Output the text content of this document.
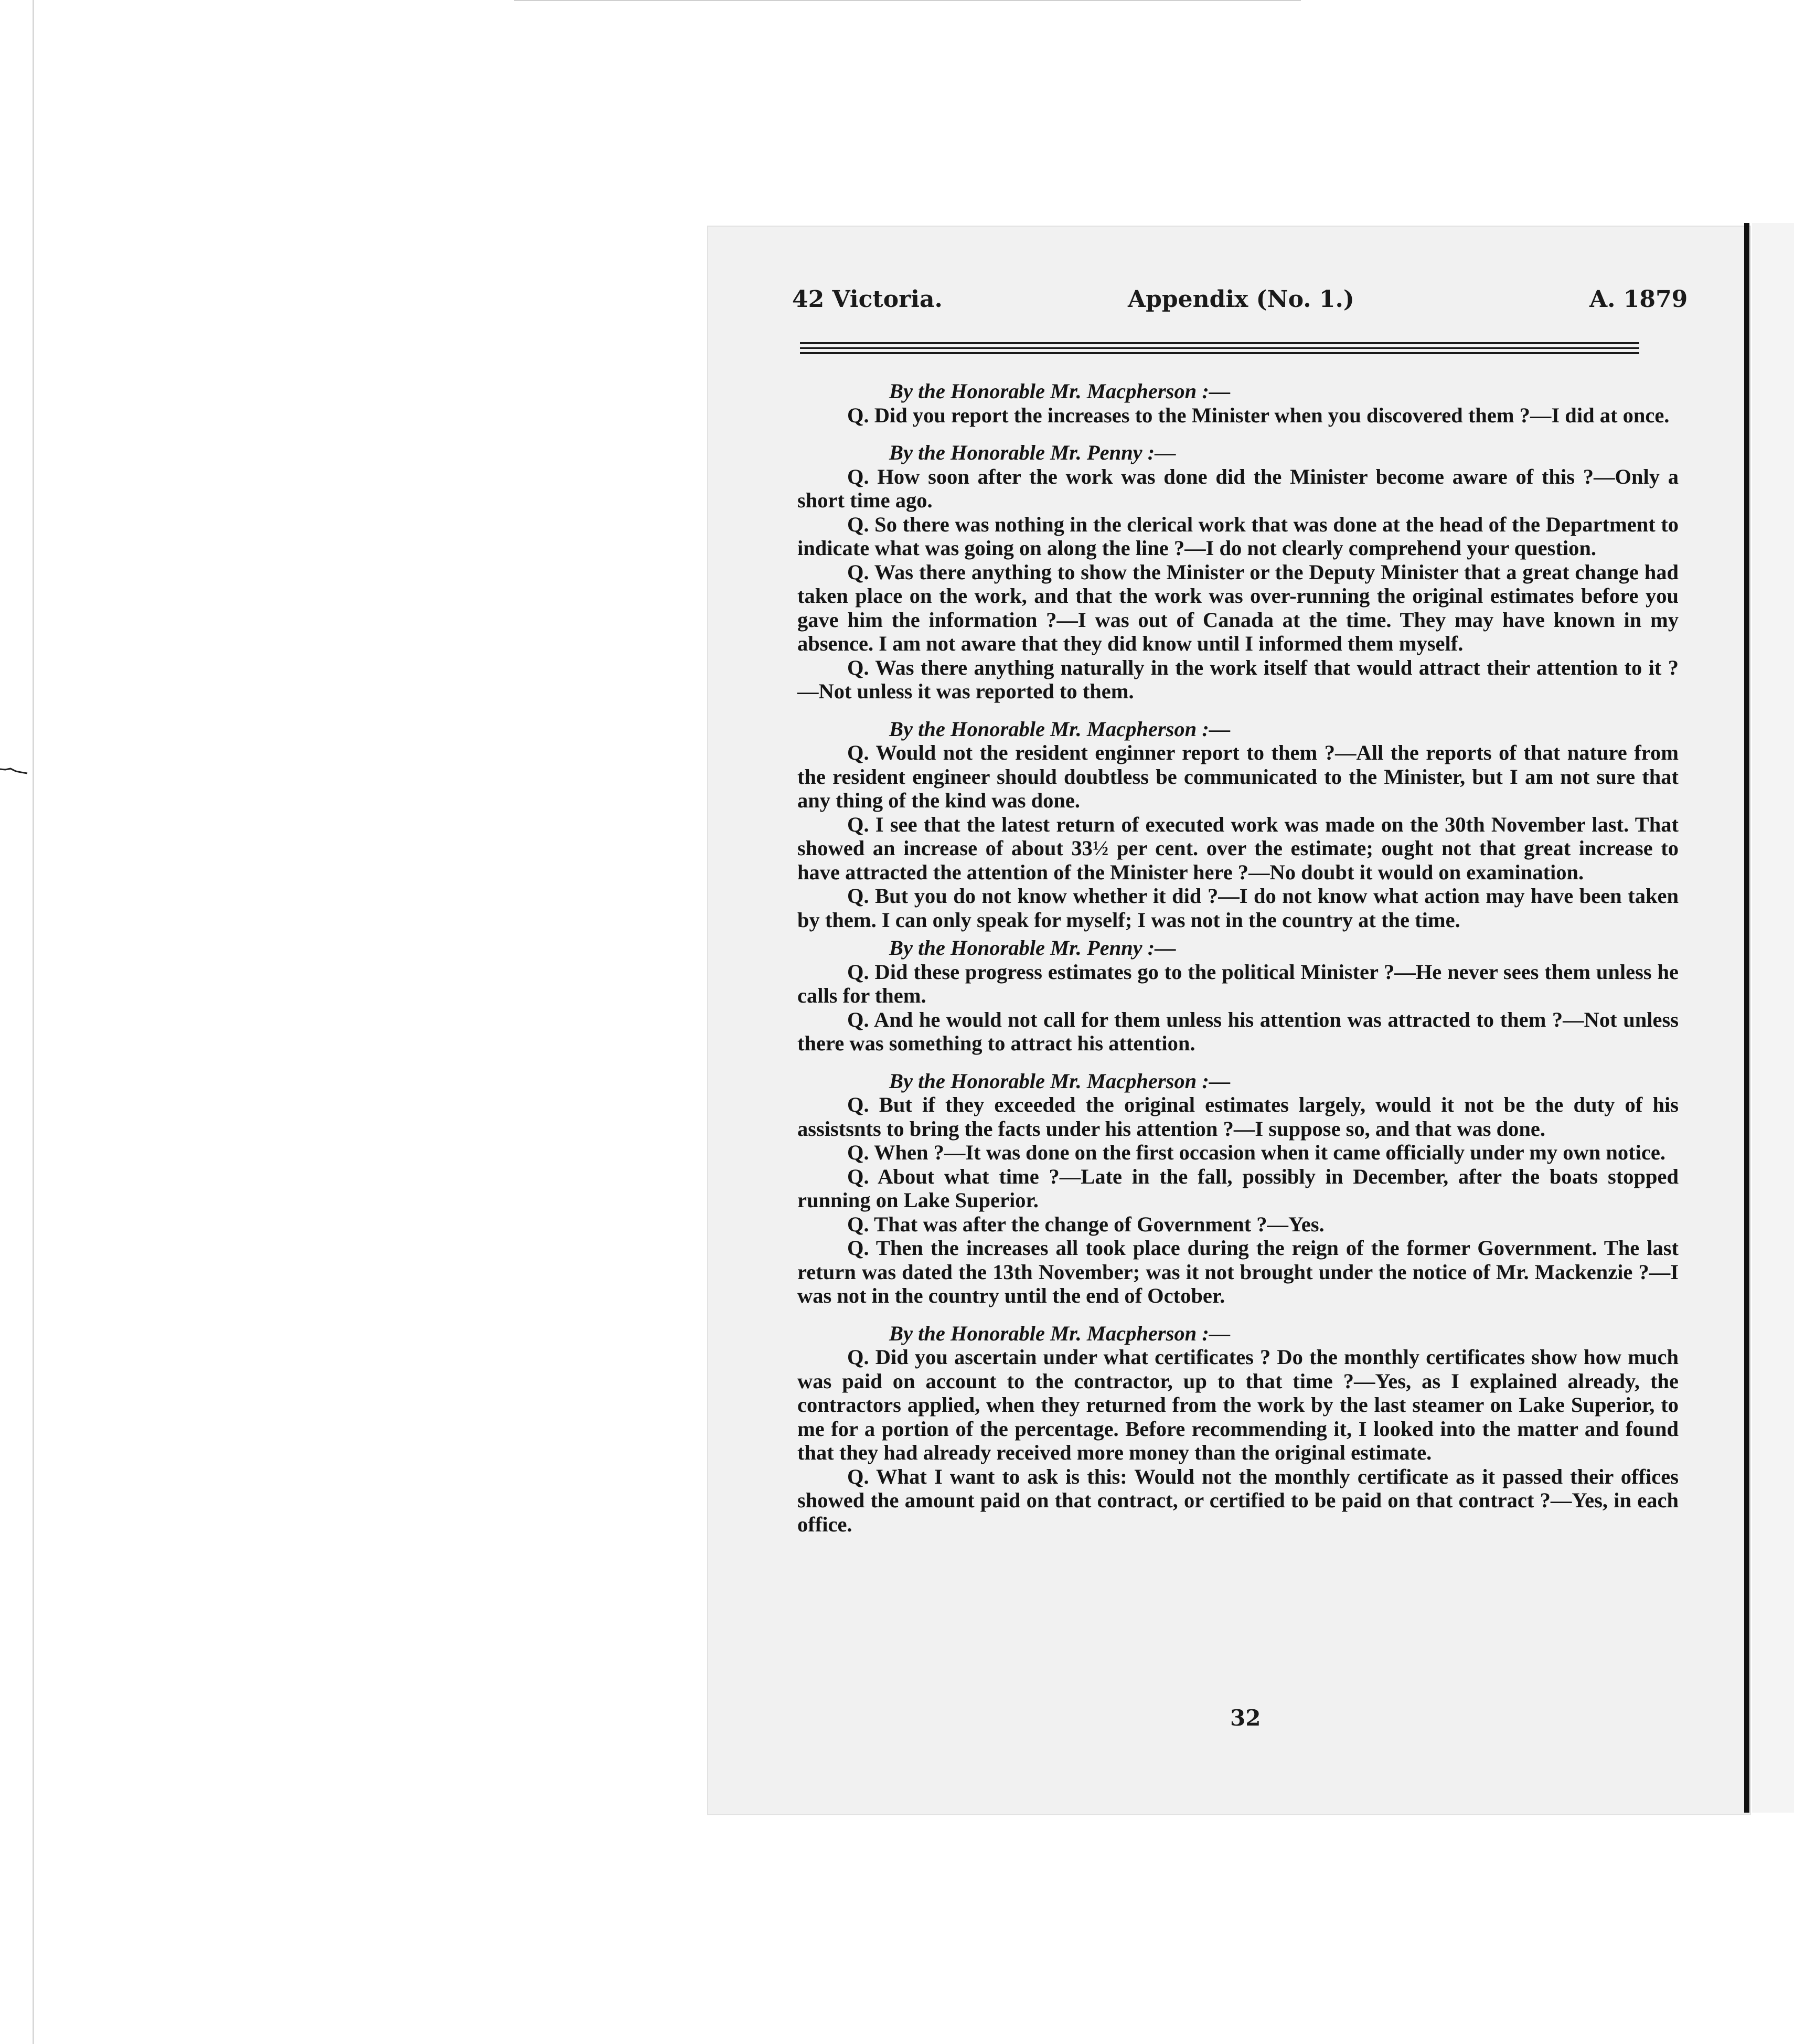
42 Victoria.	Appendix (No. 1.)	A. 1879
By the Honorable Mr. Macpherson :—

Q. Did you report the increases to the Minister when you discovered them ?—I did at once.

By the Honorable Mr. Penny :—

Q. How soon after the work was done did the Minister become aware of this ?—Only a short time ago.

Q. So there was nothing in the clerical work that was done at the head of the Department to indicate what was going on along the line ?—I do not clearly comprehend your question.

Q. Was there anything to show the Minister or the Deputy Minister that a great change had taken place on the work, and that the work was over-running the original estimates before you gave him the information ?—I was out of Canada at the time. They may have known in my absence. I am not aware that they did know until I informed them myself.

Q. Was there anything naturally in the work itself that would attract their attention to it ?—Not unless it was reported to them.

By the Honorable Mr. Macpherson :—

Q. Would not the resident enginner report to them ?—All the reports of that nature from the resident engineer should doubtless be communicated to the Minister, but I am not sure that any thing of the kind was done.

Q. I see that the latest return of executed work was made on the 30th November last. That showed an increase of about 33½ per cent. over the estimate; ought not that great increase to have attracted the attention of the Minister here ?—No doubt it would on examination.

Q. But you do not know whether it did ?—I do not know what action may have been taken by them. I can only speak for myself; I was not in the country at the time.

By the Honorable Mr. Penny :—

Q. Did these progress estimates go to the political Minister ?—He never sees them unless he calls for them.

Q. And he would not call for them unless his attention was attracted to them ?—Not unless there was something to attract his attention.

By the Honorable Mr. Macpherson :—

Q. But if they exceeded the original estimates largely, would it not be the duty of his assistsnts to bring the facts under his attention ?—I suppose so, and that was done.

Q. When ?—It was done on the first occasion when it came officially under my own notice.

Q. About what time ?—Late in the fall, possibly in December, after the boats stopped running on Lake Superior.

Q. That was after the change of Government ?—Yes.

Q. Then the increases all took place during the reign of the former Government. The last return was dated the 13th November; was it not brought under the notice of Mr. Mackenzie ?—I was not in the country until the end of October.

By the Honorable Mr. Macpherson :—

Q. Did you ascertain under what certificates ? Do the monthly certificates show how much was paid on account to the contractor, up to that time ?—Yes, as I explained already, the contractors applied, when they returned from the work by the last steamer on Lake Superior, to me for a portion of the percentage. Before recommending it, I looked into the matter and found that they had already received more money than the original estimate.

Q. What I want to ask is this: Would not the monthly certificate as it passed their offices showed the amount paid on that contract, or certified to be paid on that contract ?—Yes, in each office.

32
